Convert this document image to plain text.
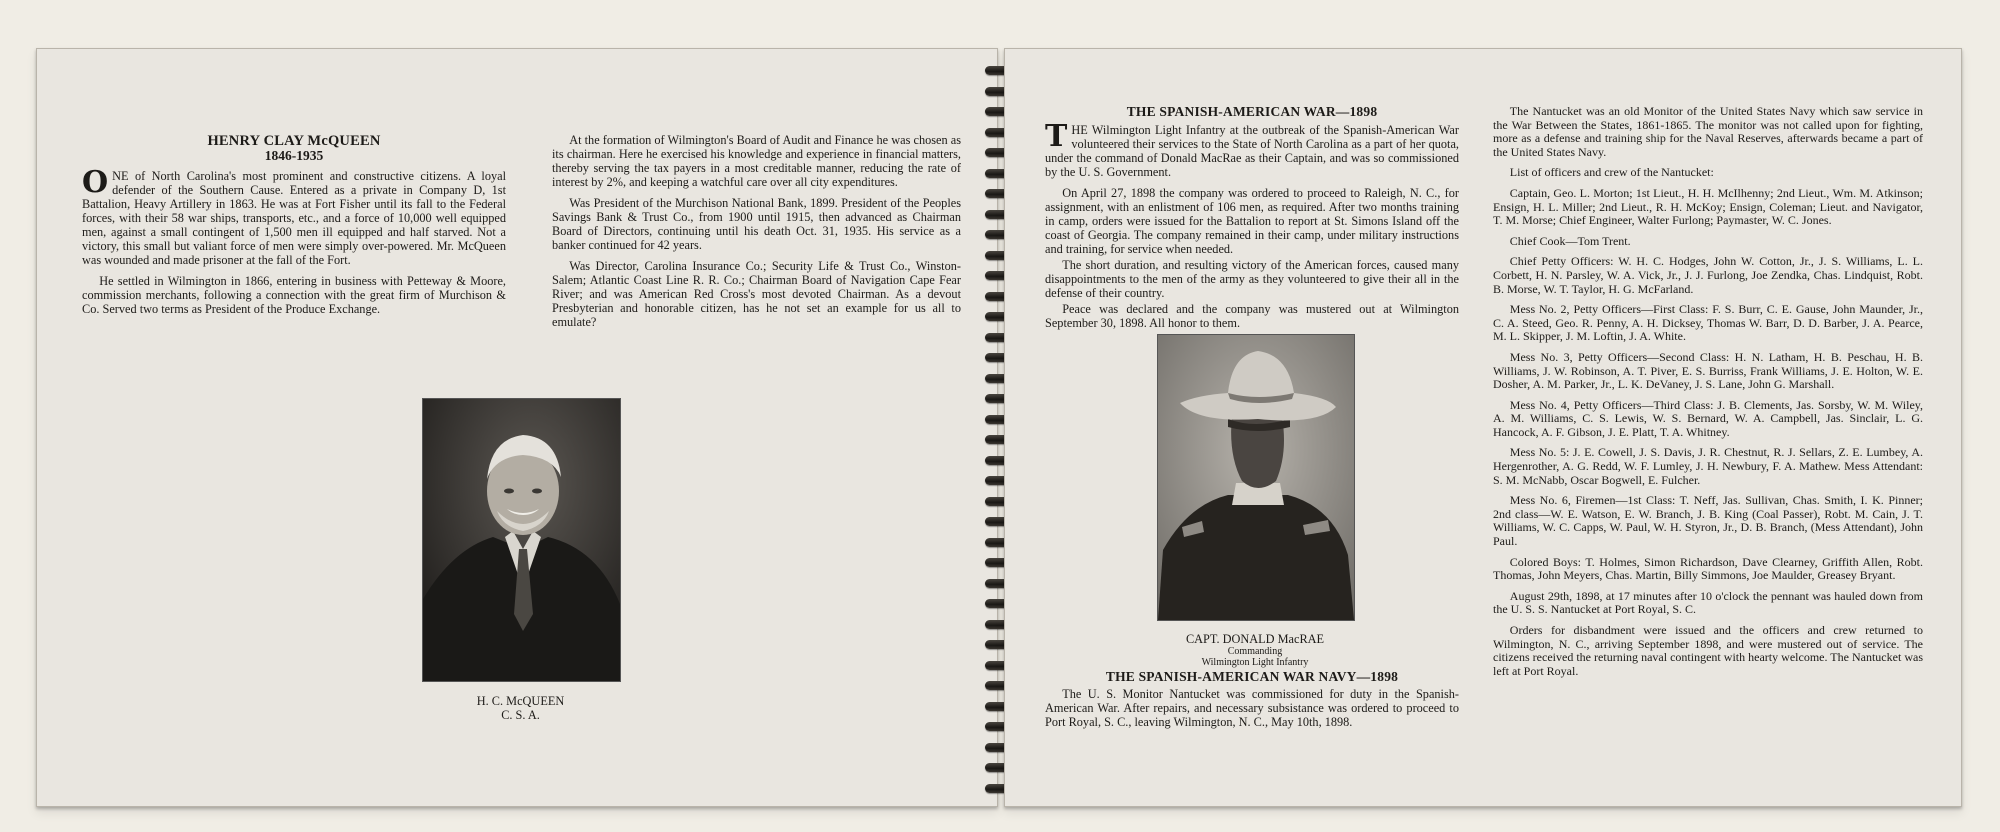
HENRY CLAY McQUEEN
1846-1935

ONE of North Carolina's most prominent and constructive citizens. A loyal defender of the Southern Cause. Entered as a private in Company D, 1st Battalion, Heavy Artillery in 1863. He was at Fort Fisher until its fall to the Federal forces, with their 58 war ships, transports, etc., and a force of 10,000 well equipped men, against a small contingent of 1,500 men ill equipped and half starved. Not a victory, this small but valiant force of men were simply over-powered. Mr. McQueen was wounded and made prisoner at the fall of the Fort.

He settled in Wilmington in 1866, entering in business with Petteway & Moore, commission merchants, following a connection with the great firm of Murchison & Co. Served two terms as President of the Produce Exchange.

At the formation of Wilmington's Board of Audit and Finance he was chosen as its chairman. Here he exercised his knowledge and experience in financial matters, thereby serving the tax payers in a most creditable manner, reducing the rate of interest by 2%, and keeping a watchful care over all city expenditures.

Was President of the Murchison National Bank, 1899. President of the Peoples Savings Bank & Trust Co., from 1900 until 1915, then advanced as Chairman Board of Directors, continuing until his death Oct. 31, 1935. His service as a banker continued for 42 years.

Was Director, Carolina Insurance Co.; Security Life & Trust Co., Winston-Salem; Atlantic Coast Line R. R. Co.; Chairman Board of Navigation Cape Fear River; and was American Red Cross's most devoted Chairman. As a devout Presbyterian and honorable citizen, has he not set an example for us all to emulate?

H. C. McQUEEN
C. S. A.
THE SPANISH-AMERICAN WAR—1898

THE Wilmington Light Infantry at the outbreak of the Spanish-American War volunteered their services to the State of North Carolina as a part of her quota, under the command of Donald MacRae as their Captain, and was so commissioned by the U. S. Government.

On April 27, 1898 the company was ordered to proceed to Raleigh, N. C., for assignment, with an enlistment of 106 men, as required. After two months training in camp, orders were issued for the Battalion to report at St. Simons Island off the coast of Georgia. The company remained in their camp, under military instructions and training, for service when needed.

The short duration, and resulting victory of the American forces, caused many disappointments to the men of the army as they volunteered to give their all in the defense of their country.

Peace was declared and the company was mustered out at Wilmington September 30, 1898. All honor to them.

CAPT. DONALD MacRAE
Commanding
Wilmington Light Infantry
THE SPANISH-AMERICAN WAR NAVY—1898

The U. S. Monitor Nantucket was commissioned for duty in the Spanish-American War. After repairs, and necessary subsistance was ordered to proceed to Port Royal, S. C., leaving Wilmington, N. C., May 10th, 1898.

The Nantucket was an old Monitor of the United States Navy which saw service in the War Between the States, 1861-1865. The monitor was not called upon for fighting, more as a defense and training ship for the Naval Reserves, afterwards became a part of the United States Navy.

List of officers and crew of the Nantucket:

Captain, Geo. L. Morton; 1st Lieut., H. H. McIlhenny; 2nd Lieut., Wm. M. Atkinson; Ensign, H. L. Miller; 2nd Lieut., R. H. McKoy; Ensign, Coleman; Lieut. and Navigator, T. M. Morse; Chief Engineer, Walter Furlong; Paymaster, W. C. Jones.

Chief Cook—Tom Trent.

Chief Petty Officers: W. H. C. Hodges, John W. Cotton, Jr., J. S. Williams, L. L. Corbett, H. N. Parsley, W. A. Vick, Jr., J. J. Furlong, Joe Zendka, Chas. Lindquist, Robt. B. Morse, W. T. Taylor, H. G. McFarland.

Mess No. 2, Petty Officers—First Class: F. S. Burr, C. E. Gause, John Maunder, Jr., C. A. Steed, Geo. R. Penny, A. H. Dicksey, Thomas W. Barr, D. D. Barber, J. A. Pearce, M. L. Skipper, J. M. Loftin, J. A. White.

Mess No. 3, Petty Officers—Second Class: H. N. Latham, H. B. Peschau, H. B. Williams, J. W. Robinson, A. T. Piver, E. S. Burriss, Frank Williams, J. E. Holton, W. E. Dosher, A. M. Parker, Jr., L. K. DeVaney, J. S. Lane, John G. Marshall.

Mess No. 4, Petty Officers—Third Class: J. B. Clements, Jas. Sorsby, W. M. Wiley, A. M. Williams, C. S. Lewis, W. S. Bernard, W. A. Campbell, Jas. Sinclair, L. G. Hancock, A. F. Gibson, J. E. Platt, T. A. Whitney.

Mess No. 5: J. E. Cowell, J. S. Davis, J. R. Chestnut, R. J. Sellars, Z. E. Lumbey, A. Hergenrother, A. G. Redd, W. F. Lumley, J. H. Newbury, F. A. Mathew. Mess Attendant: S. M. McNabb, Oscar Bogwell, E. Fulcher.

Mess No. 6, Firemen—1st Class: T. Neff, Jas. Sullivan, Chas. Smith, I. K. Pinner; 2nd class—W. E. Watson, E. W. Branch, J. B. King (Coal Passer), Robt. M. Cain, J. T. Williams, W. C. Capps, W. Paul, W. H. Styron, Jr., D. B. Branch, (Mess Attendant), John Paul.

Colored Boys: T. Holmes, Simon Richardson, Dave Clearney, Griffith Allen, Robt. Thomas, John Meyers, Chas. Martin, Billy Simmons, Joe Maulder, Greasey Bryant.

August 29th, 1898, at 17 minutes after 10 o'clock the pennant was hauled down from the U. S. S. Nantucket at Port Royal, S. C.

Orders for disbandment were issued and the officers and crew returned to Wilmington, N. C., arriving September 1898, and were mustered out of service. The citizens received the returning naval contingent with hearty welcome. The Nantucket was left at Port Royal.
